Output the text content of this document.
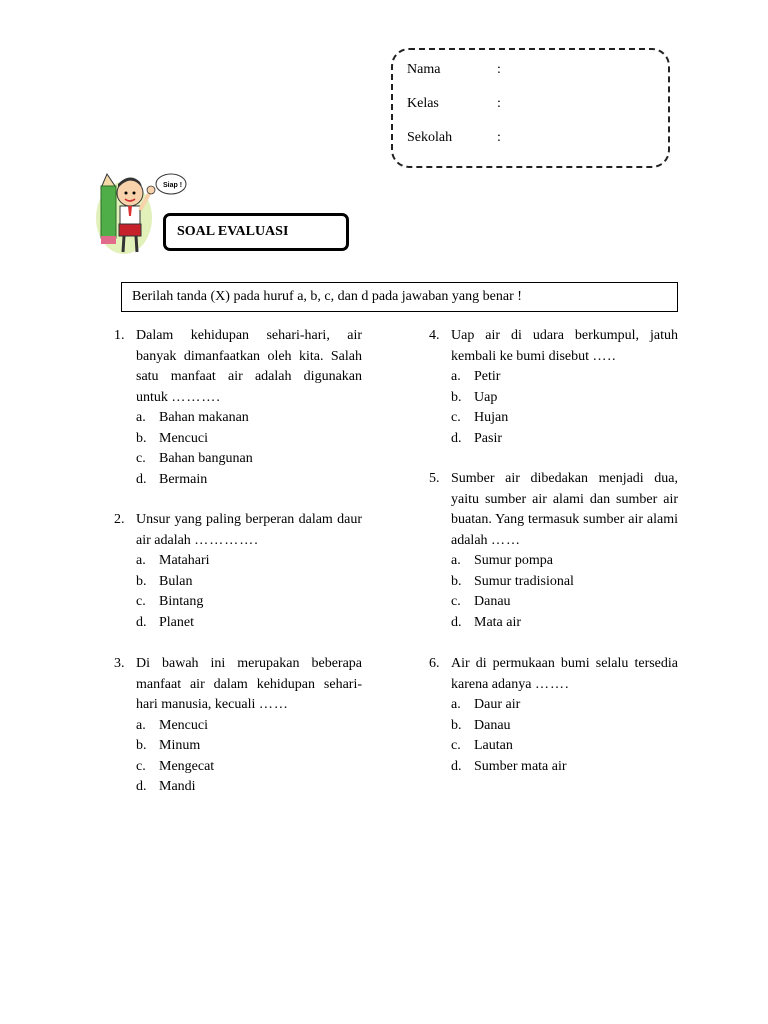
Nama	:
Kelas	:
Sekolah	:
Siap !
SOAL EVALUASI
Berilah tanda (X) pada huruf a, b, c, dan d pada jawaban yang benar !
1. Dalam kehidupan sehari-hari, air banyak dimanfaatkan oleh kita. Salah satu manfaat air adalah digunakan untuk ……….
a. Bahan makanan
b. Mencuci
c. Bahan bangunan
d. Bermain
2. Unsur yang paling berperan dalam daur air adalah ………….
a. Matahari
b. Bulan
c. Bintang
d. Planet
3. Di bawah ini merupakan beberapa manfaat air dalam kehidupan sehari-hari manusia, kecuali ……
a. Mencuci
b. Minum
c. Mengecat
d. Mandi
4. Uap air di udara berkumpul, jatuh kembali ke bumi disebut …..
a. Petir
b. Uap
c. Hujan
d. Pasir
5. Sumber air dibedakan menjadi dua, yaitu sumber air alami dan sumber air buatan. Yang termasuk sumber air alami adalah ……
a. Sumur pompa
b. Sumur tradisional
c. Danau
d. Mata air
6. Air di permukaan bumi selalu tersedia karena adanya …….
a. Daur air
b. Danau
c. Lautan
d. Sumber mata air
